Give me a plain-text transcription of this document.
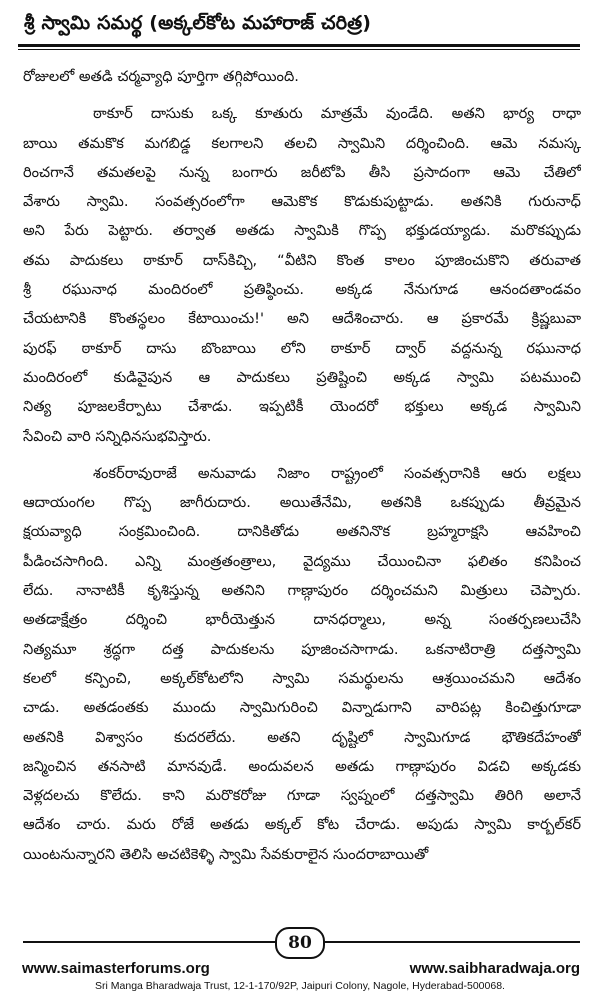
శ్రీ స్వామి సమర్థ (అక్కల్‌కోట మహారాజ్ చరిత్ర)
రోజులలో అతడి చర్మవ్యాధి పూర్తిగా తగ్గిపోయింది.
ఠాకూర్ దాసుకు ఒక్క కూతురు మాత్రమే వుండేది. అతని భార్య రాధా
బాయి తమకొక మగబిడ్డ కలగాలని తలచి స్వామిని దర్శించింది. ఆమె నమస్క
రించగానే తమతలపై నున్న బంగారు జరీటోపి తీసి ప్రసాదంగా ఆమె చేతిలో
వేశారు స్వామి. సంవత్సరంలోగా ఆమెకొక కొడుకుపుట్టాడు. అతనికి గురునాధ్
అని పేరు పెట్టారు. తర్వాత అతడు స్వామికి గొప్ప భక్తుడయ్యాడు. మరొకప్పుడు
తమ పాదుకలు ఠాకూర్ దాస్‌కిచ్చి, “వీటిని కొంత కాలం పూజించుకొని తరువాత
శ్రీ రఘునాధ మందిరంలో ప్రతిష్ఠించు. అక్కడ నేనుగూడ ఆనందతాండవం
చేయటానికి కొంతస్థలం కేటాయించు!' అని ఆదేశించారు. ఆ ప్రకారమే క్రిష్ణబువా
పురఫ్ ఠాకూర్ దాసు బొంబాయి లోని ఠాకూర్ ద్వార్ వద్దనున్న రఘునాధ
మందిరంలో కుడివైపున ఆ పాదుకలు ప్రతిష్టించి అక్కడ స్వామి పటముంచి
నిత్య పూజలకేర్పాటు చేశాడు. ఇప్పటికీ యెందరో భక్తులు అక్కడ స్వామిని
సేవించి వారి సన్నిధినసుభవిస్తారు.
శంకర్‌రావురాజే అనువాడు నిజాం రాష్ట్రంలో సంవత్సరానికి ఆరు లక్షలు
ఆదాయంగల గొప్ప జాగీరుదారు. అయితేనేమి, అతనికి ఒకప్పుడు తీవ్రమైన
క్షయవ్యాధి సంక్రమించింది. దానికితోడు అతనినొక బ్రహ్మరాక్షసి ఆవహించి
పీడించసాగింది. ఎన్ని మంత్రతంత్రాలు, వైద్యము చేయించినా ఫలితం కనిపించ
లేదు. నానాటికీ కృశిస్తున్న అతనిని గాణ్గాపురం దర్శించమని మిత్రులు చెప్పారు.
అతడాక్షేత్రం దర్శించి భారీయెత్తున దానధర్మాలు, అన్న సంతర్పణలుచేసి
నిత్యమూ శ్రద్ధగా దత్త పాదుకలను పూజించసాగాడు. ఒకనాటిరాత్రి దత్తస్వామి
కలలో కన్పించి, అక్కల్‌కోటలోని స్వామి సమర్థులను ఆశ్రయించమని ఆదేశం
చాడు. అతడంతకు ముందు స్వామిగురించి విన్నాడుగాని వారిపట్ల కించిత్తుగూడా
అతనికి విశ్వాసం కుదరలేదు. అతని దృష్టిలో స్వామిగూడ భౌతికదేహంతో
జన్మించిన తనసాటి మానవుడే. అందువలన అతడు గాణ్గాపురం విడచి అక్కడకు
వెళ్లదలచు కొలేదు. కాని మరొకరోజు గూడా స్వప్నంలో దత్తస్వామి తిరిగి అలానే
ఆదేశం చారు. మరు రోజే అతడు అక్కల్ కోట చేరాడు. అపుడు స్వామి కార్బల్‌కర్
యింటనున్నారని తెలిసి అచటికెళ్ళి స్వామి సేవకురాలైన సుందరాబాయితో
80
www.saimasterforums.org	www.saibharadwaja.org
Sri Manga Bharadwaja Trust, 12-1-170/92P, Jaipuri Colony, Nagole, Hyderabad-500068.
